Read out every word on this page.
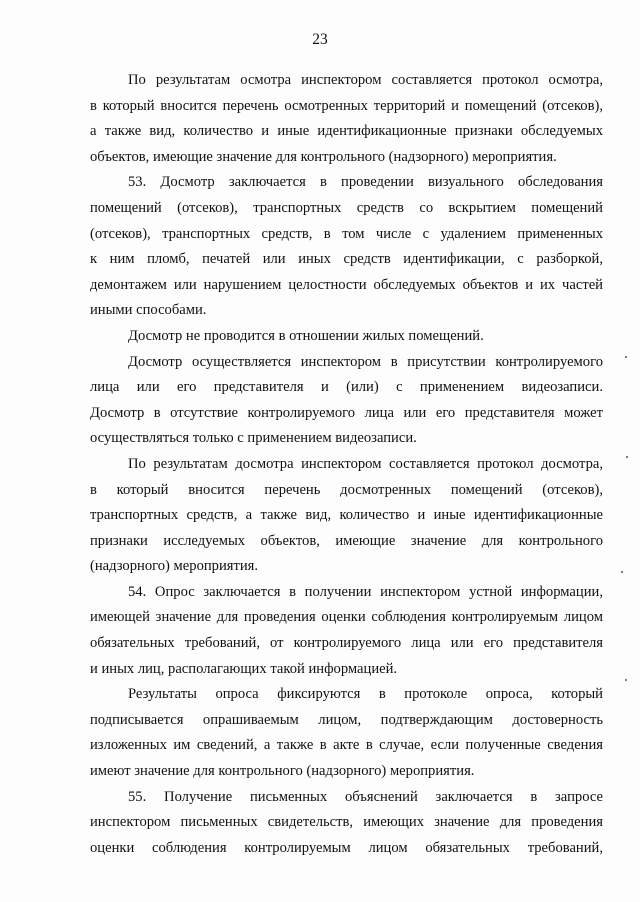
23
По результатам осмотра инспектором составляется протокол осмотра,
в который вносится перечень осмотренных территорий и помещений (отсеков),
а также вид, количество и иные идентификационные признаки обследуемых
объектов, имеющие значение для контрольного (надзорного) мероприятия.
53. Досмотр заключается в проведении визуального обследования
помещений (отсеков), транспортных средств со вскрытием помещений
(отсеков), транспортных средств, в том числе с удалением примененных
к ним пломб, печатей или иных средств идентификации, с разборкой,
демонтажем или нарушением целостности обследуемых объектов и их частей
иными способами.
Досмотр не проводится в отношении жилых помещений.
Досмотр осуществляется инспектором в присутствии контролируемого
лица или его представителя и (или) с применением видеозаписи.
Досмотр в отсутствие контролируемого лица или его представителя может
осуществляться только с применением видеозаписи.
По результатам досмотра инспектором составляется протокол досмотра,
в который вносится перечень досмотренных помещений (отсеков),
транспортных средств, а также вид, количество и иные идентификационные
признаки исследуемых объектов, имеющие значение для контрольного
(надзорного) мероприятия.
54. Опрос заключается в получении инспектором устной информации,
имеющей значение для проведения оценки соблюдения контролируемым лицом
обязательных требований, от контролируемого лица или его представителя
и иных лиц, располагающих такой информацией.
Результаты опроса фиксируются в протоколе опроса, который
подписывается опрашиваемым лицом, подтверждающим достоверность
изложенных им сведений, а также в акте в случае, если полученные сведения
имеют значение для контрольного (надзорного) мероприятия.
55. Получение письменных объяснений заключается в запросе
инспектором письменных свидетельств, имеющих значение для проведения
оценки соблюдения контролируемым лицом обязательных требований,
